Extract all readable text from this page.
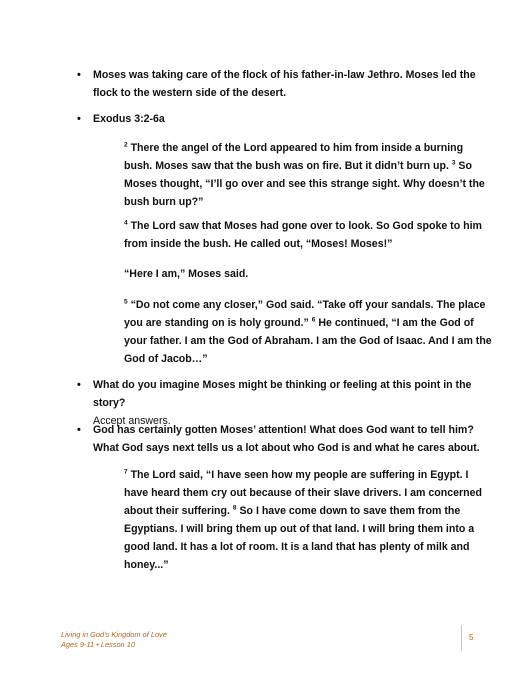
• Moses was taking care of the flock of his father-in-law Jethro. Moses led the flock to the western side of the desert.
• Exodus 3:2-6a
$^2$ There the angel of the Lord appeared to him from inside a burning bush. Moses saw that the bush was on fire. But it didn’t burn up. $^3$ So Moses thought, “I’ll go over and see this strange sight. Why doesn’t the bush burn up?”
$^4$ The Lord saw that Moses had gone over to look. So God spoke to him from inside the bush. He called out, “Moses! Moses!”
“Here I am,” Moses said.
$^5$ “Do not come any closer,” God said. “Take off your sandals. The place you are standing on is holy ground.” $^6$ He continued, “I am the God of your father. I am the God of Abraham. I am the God of Isaac. And I am the God of Jacob…”
• What do you imagine Moses might be thinking or feeling at this point in the story?
Accept answers.
• God has certainly gotten Moses’ attention! What does God want to tell him? What God says next tells us a lot about who God is and what he cares about.
$^7$ The Lord said, “I have seen how my people are suffering in Egypt. I have heard them cry out because of their slave drivers. I am concerned about their suffering. $^8$ So I have come down to save them from the Egyptians. I will bring them up out of that land. I will bring them into a good land. It has a lot of room. It is a land that has plenty of milk and honey...”
Living in God’s Kingdom of Love
Ages 9-11 • Lesson 10
5
